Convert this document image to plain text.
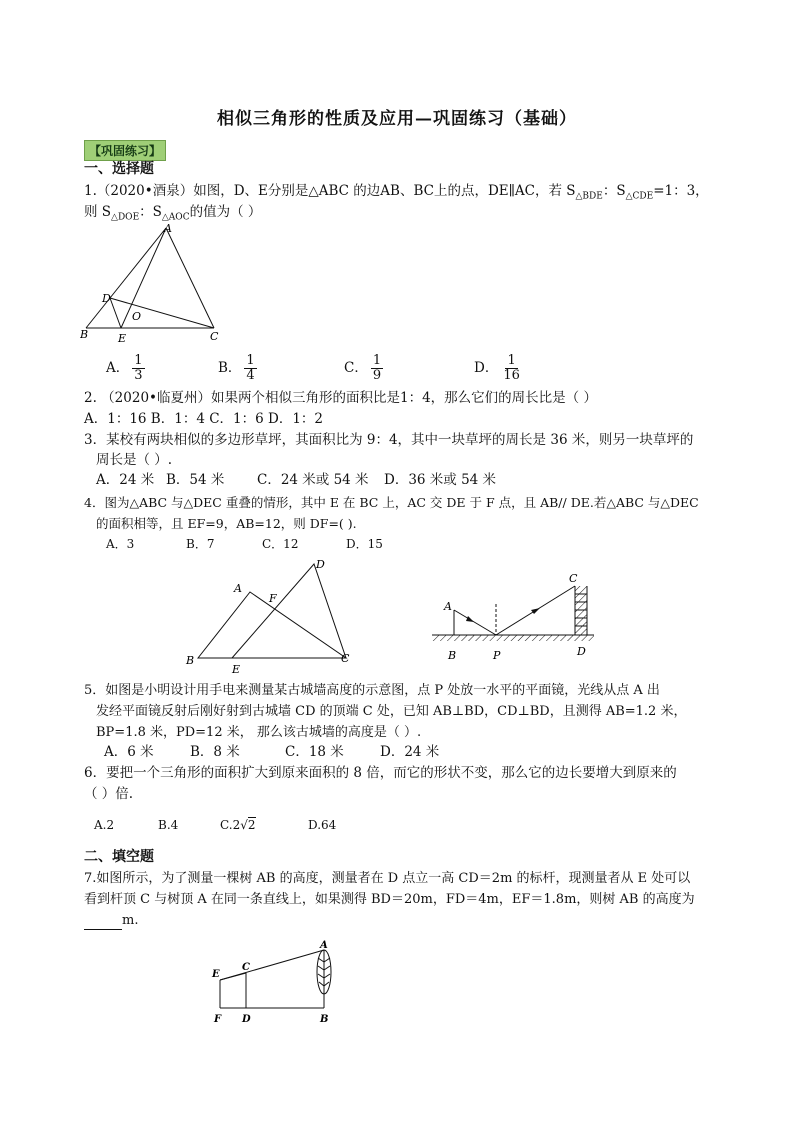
相似三角形的性质及应用—巩固练习（基础）
【巩固练习】
一、选择题
1.（2020•酒泉）如图，D、E分别是△ABC 的边AB、BC上的点，DE∥AC，若 $S_{\triangle BDE}$：$S_{\triangle CDE}=1$：3，
则 $S_{\triangle DOE}$：$S_{\triangle AOC}$的值为（ ）
A
B	C
D
E
O
A． $\frac{1}{3}$	B． $\frac{1}{4}$	C． $\frac{1}{9}$	D． $\frac{1}{16}$
2. （2020•临夏州）如果两个相似三角形的面积比是1：4，那么它们的周长比是（ ）
A．1：16 B．1：4 C．1：6 D．1：2
3．某校有两块相似的多边形草坪，其面积比为 9：4，其中一块草坪的周长是 36 米，则另一块草坪的
周长是（ ）.
A．24 米 B．54 米 C．24 米或 54 米 D．36 米或 54 米
4．图为△ABC 与△DEC 重叠的情形，其中 E 在 BC 上，AC 交 DE 于 F 点，且 AB// DE.若△ABC 与△DEC
的面积相等，且 EF=9，AB=12，则 DF=( ).
A．3	B．7	C．12	D．15
B
A
D
F
E
C
A
B	P
C
D
5．如图是小明设计用手电来测量某古城墙高度的示意图，点 P 处放一水平的平面镜，光线从点 A 出
发经平面镜反射后刚好射到古城墙 CD 的顶端 C 处，已知 AB⊥BD，CD⊥BD，且测得 AB=1.2 米，
BP=1.8 米，PD=12 米， 那么该古城墙的高度是（ ）.
A．6 米	B．8 米	C．18 米	D．24 米
6．要把一个三角形的面积扩大到原来面积的 8 倍，而它的形状不变，那么它的边长要增大到原来的
（ ）倍.
A.2	B.4	C.2√2	D.64
二、填空题
7.如图所示，为了测量一棵树 AB 的高度，测量者在 D 点立一高 CD＝2m 的标杆，现测量者从 E 处可以
看到杆顶 C 与树顶 A 在同一条直线上，如果测得 BD＝20m，FD＝4m，EF＝1.8m，则树 AB 的高度为
m.
A
B
C
D
E
F
